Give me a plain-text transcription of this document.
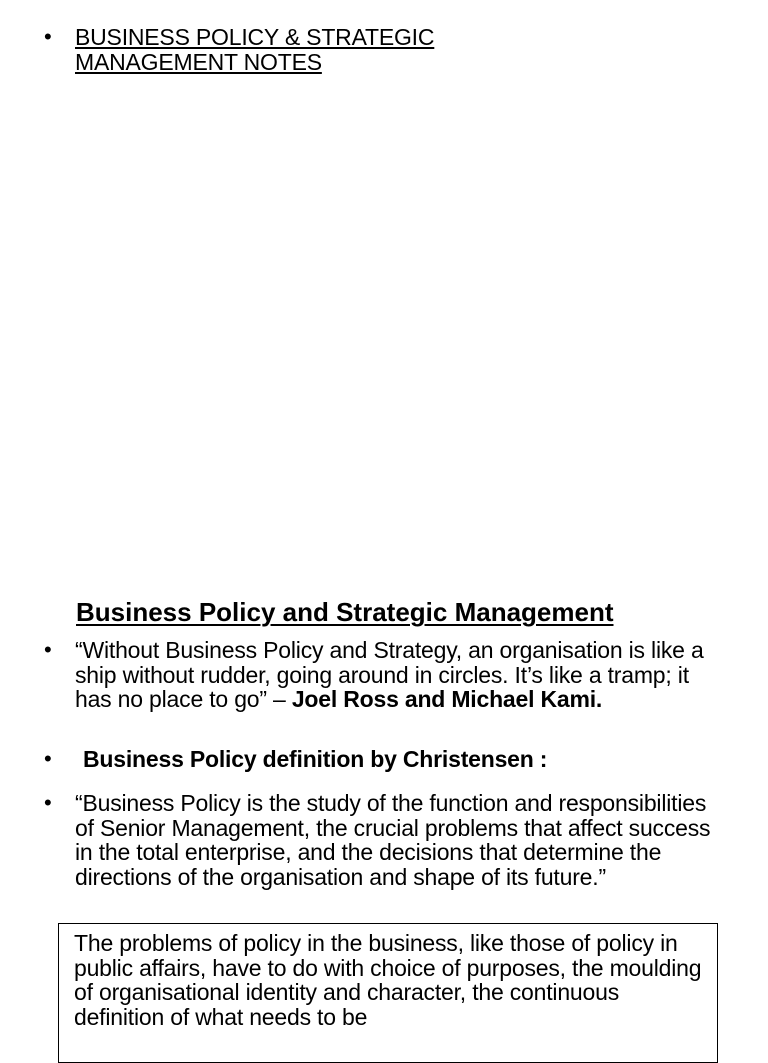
•	BUSINESS POLICY & STRATEGIC
MANAGEMENT NOTES
Business Policy and Strategic Management
•	“Without Business Policy and Strategy, an organisation is like a ship without rudder, going around in circles. It’s like a tramp; it has no place to go” – Joel Ross and Michael Kami.
•	Business Policy definition by Christensen :
•	“Business Policy is the study of the function and responsibilities of Senior Management, the crucial problems that affect success in the total enterprise, and the decisions that determine the directions of the organisation and shape of its future.”
The problems of policy in the business, like those of policy in public affairs, have to do with choice of purposes, the moulding of organisational identity and character, the continuous definition of what needs to be
